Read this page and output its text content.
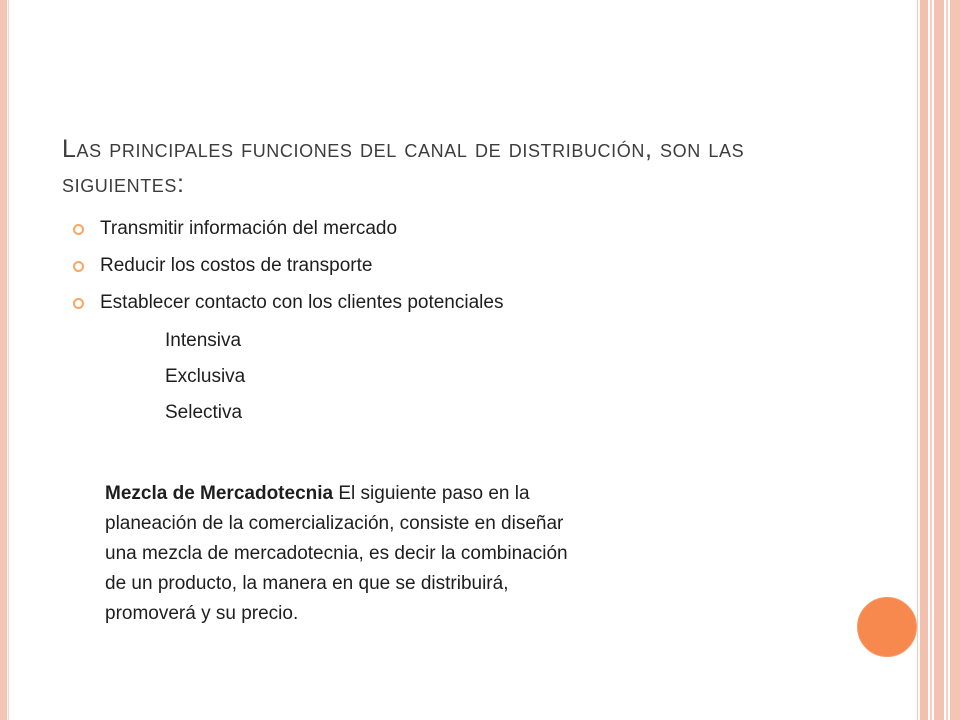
Las principales funciones del canal de distribución, son las siguientes:
Transmitir información del mercado
Reducir los costos de transporte
Establecer contacto con los clientes potenciales
Intensiva
Exclusiva
Selectiva

Mezcla de Mercadotecnia El siguiente paso en la planeación de la comercialización, consiste en diseñar una mezcla de mercadotecnia, es decir la combinación de un producto, la manera en que se distribuirá, promoverá y su precio.
